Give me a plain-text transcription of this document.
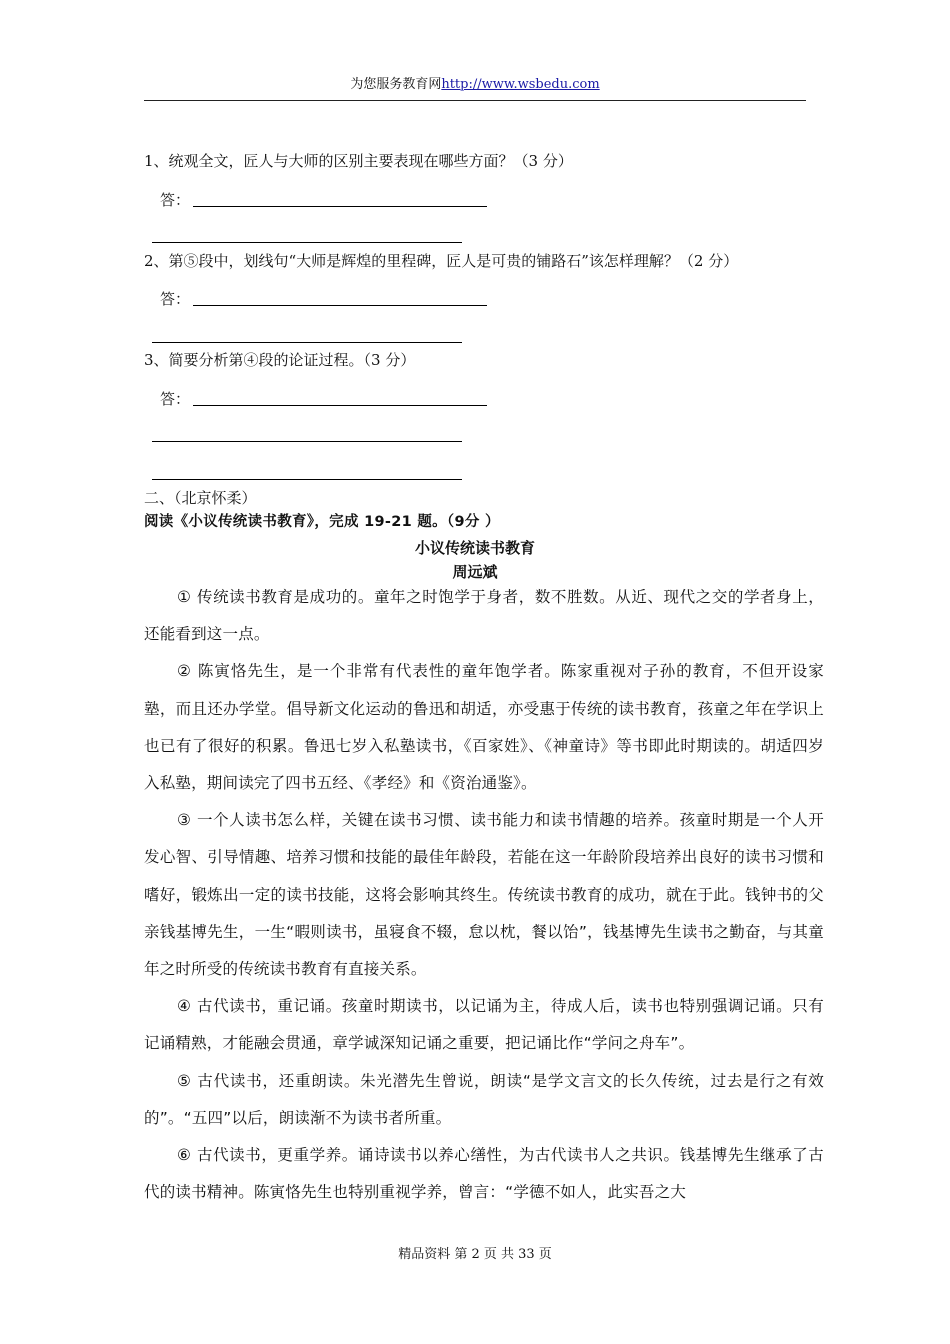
为您服务教育网http://www.wsbedu.com
1、统观全文，匠人与大师的区别主要表现在哪些方面？（3 分）
答：
2、第⑤段中，划线句“大师是辉煌的里程碑，匠人是可贵的铺路石”该怎样理解？（2 分）
答：
3、简要分析第④段的论证过程。（3 分）
答：
二、（北京怀柔）
阅读《小议传统读书教育》，完成 19-21 题。（9分 ）
小议传统读书教育
周远斌

① 传统读书教育是成功的。童年之时饱学于身者，数不胜数。从近、现代之交的学者身上，还能看到这一点。

② 陈寅恪先生，是一个非常有代表性的童年饱学者。陈家重视对子孙的教育，不但开设家塾，而且还办学堂。倡导新文化运动的鲁迅和胡适，亦受惠于传统的读书教育，孩童之年在学识上也已有了很好的积累。鲁迅七岁入私塾读书，《百家姓》、《神童诗》等书即此时期读的。胡适四岁入私塾，期间读完了四书五经、《孝经》和《资治通鉴》。

③ 一个人读书怎么样，关键在读书习惯、读书能力和读书情趣的培养。孩童时期是一个人开发心智、引导情趣、培养习惯和技能的最佳年龄段，若能在这一年龄阶段培养出良好的读书习惯和嗜好，锻炼出一定的读书技能，这将会影响其终生。传统读书教育的成功，就在于此。钱钟书的父亲钱基博先生，一生“暇则读书，虽寝食不辍，怠以枕，餐以饴”，钱基博先生读书之勤奋，与其童年之时所受的传统读书教育有直接关系。

④ 古代读书，重记诵。孩童时期读书，以记诵为主，待成人后，读书也特别强调记诵。只有记诵精熟，才能融会贯通，章学诚深知记诵之重要，把记诵比作“学问之舟车”。

⑤ 古代读书，还重朗读。朱光潜先生曾说，朗读“是学文言文的长久传统，过去是行之有效的”。“五四”以后，朗读渐不为读书者所重。

⑥ 古代读书，更重学养。诵诗读书以养心缮性，为古代读书人之共识。钱基博先生继承了古代的读书精神。陈寅恪先生也特别重视学养，曾言：“学德不如人，此实吾之大

精品资料 第 2 页 共 33 页
